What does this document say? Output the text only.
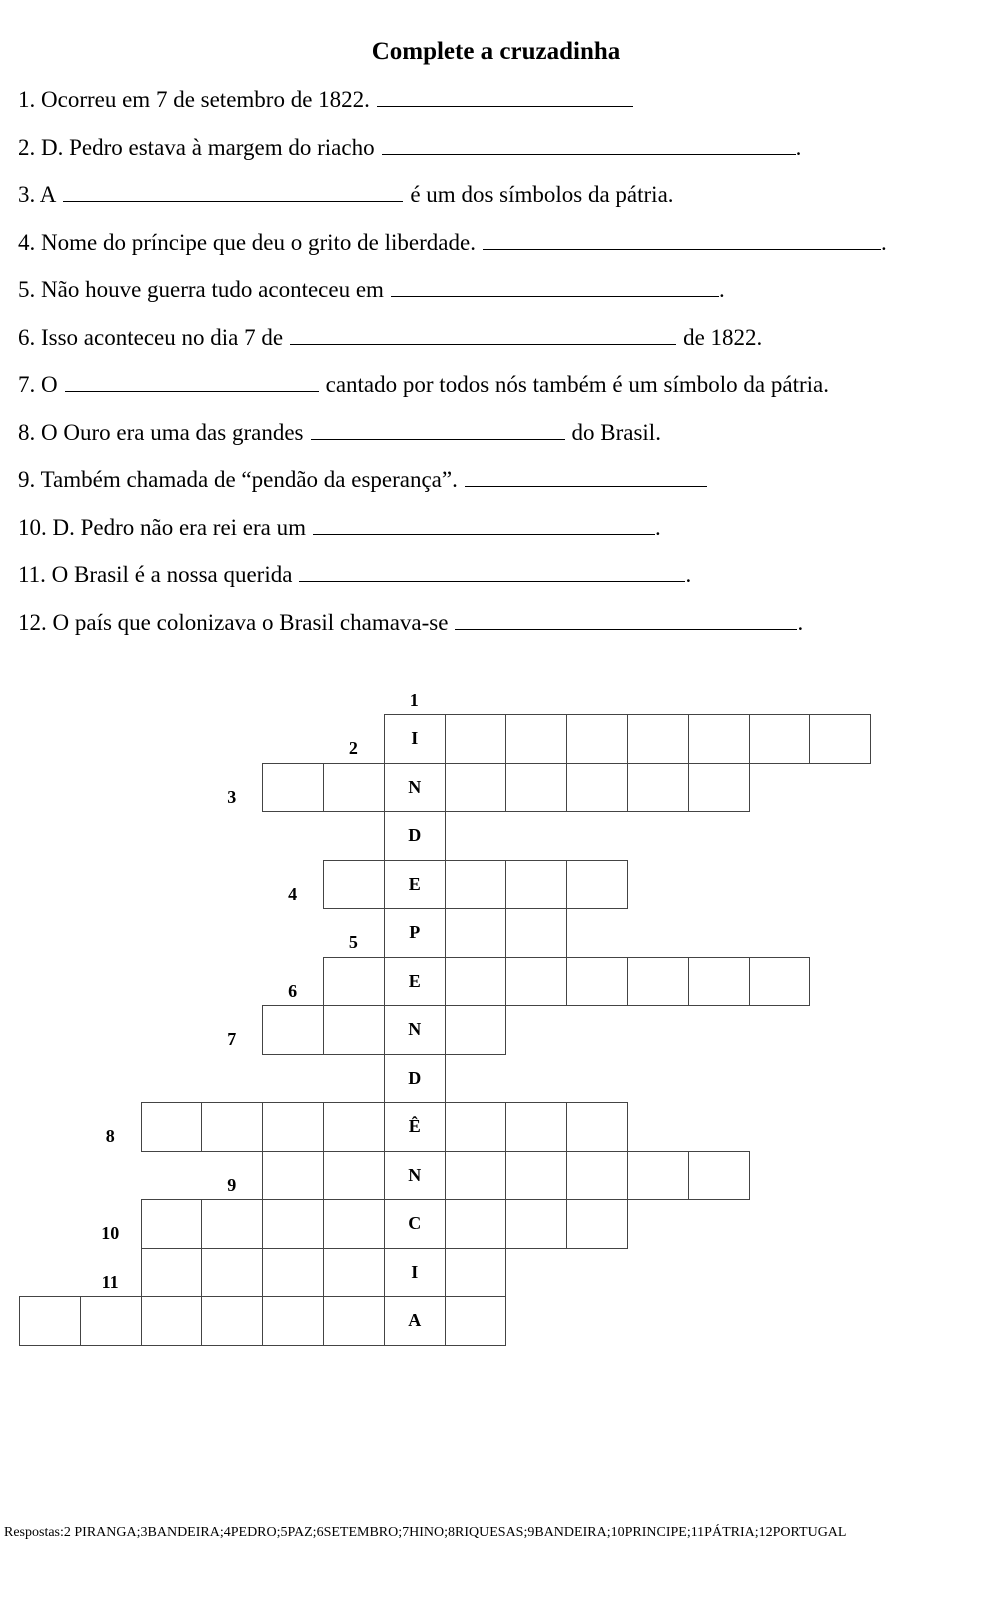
Complete a cruzadinha
1. Ocorreu em 7 de setembro de 1822.
2. D. Pedro estava à margem do riacho	.
3. A	é um dos símbolos da pátria.
4. Nome do príncipe que deu o grito de liberdade.	.
5. Não houve guerra tudo aconteceu em	.
6. Isso aconteceu no dia 7 de	de 1822.
7. O	cantado por todos nós também é um símbolo da pátria.
8. O Ouro era uma das grandes	do Brasil.
9. Também chamada de “pendão da esperança”.
10. D. Pedro não era rei era um	.
11. O Brasil é a nossa querida	.
12. O país que colonizava o Brasil chamava-se	.
I
2
N
3
D
E
4
P
5
E
6
N
7
D
Ê
8
N
9
C
10
I
11
A
1
Respostas:2 PIRANGA;3BANDEIRA;4PEDRO;5PAZ;6SETEMBRO;7HINO;8RIQUESAS;9BANDEIRA;10PRINCIPE;11PÁTRIA;12PORTUGAL
